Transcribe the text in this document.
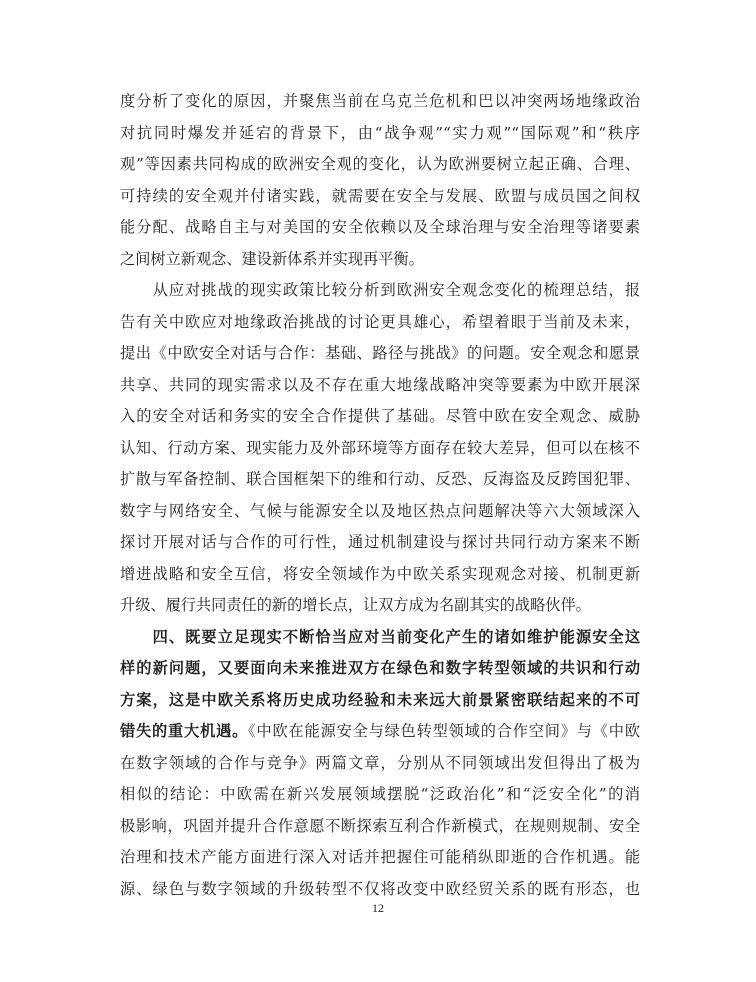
度分析了变化的原因，并聚焦当前在乌克兰危机和巴以冲突两场地缘政治
对抗同时爆发并延宕的背景下，由“战争观”“实力观”“国际观”和“秩序
观”等因素共同构成的欧洲安全观的变化，认为欧洲要树立起正确、合理、
可持续的安全观并付诸实践，就需要在安全与发展、欧盟与成员国之间权
能分配、战略自主与对美国的安全依赖以及全球治理与安全治理等诸要素
之间树立新观念、建设新体系并实现再平衡。
　　从应对挑战的现实政策比较分析到欧洲安全观念变化的梳理总结，报
告有关中欧应对地缘政治挑战的讨论更具雄心，希望着眼于当前及未来，
提出《中欧安全对话与合作：基础、路径与挑战》的问题。安全观念和愿景
共享、共同的现实需求以及不存在重大地缘战略冲突等要素为中欧开展深
入的安全对话和务实的安全合作提供了基础。尽管中欧在安全观念、威胁
认知、行动方案、现实能力及外部环境等方面存在较大差异，但可以在核不
扩散与军备控制、联合国框架下的维和行动、反恐、反海盗及反跨国犯罪、
数字与网络安全、气候与能源安全以及地区热点问题解决等六大领域深入
探讨开展对话与合作的可行性，通过机制建设与探讨共同行动方案来不断
增进战略和安全互信，将安全领域作为中欧关系实现观念对接、机制更新
升级、履行共同责任的新的增长点，让双方成为名副其实的战略伙伴。
　　四、既要立足现实不断恰当应对当前变化产生的诸如维护能源安全这
样的新问题，又要面向未来推进双方在绿色和数字转型领域的共识和行动
方案，这是中欧关系将历史成功经验和未来远大前景紧密联结起来的不可
错失的重大机遇。《中欧在能源安全与绿色转型领域的合作空间》与《中欧
在数字领域的合作与竞争》两篇文章，分别从不同领域出发但得出了极为
相似的结论：中欧需在新兴发展领域摆脱“泛政治化”和“泛安全化”的消
极影响，巩固并提升合作意愿不断探索互利合作新模式，在规则规制、安全
治理和技术产能方面进行深入对话并把握住可能稍纵即逝的合作机遇。能
源、绿色与数字领域的升级转型不仅将改变中欧经贸关系的既有形态，也
12
